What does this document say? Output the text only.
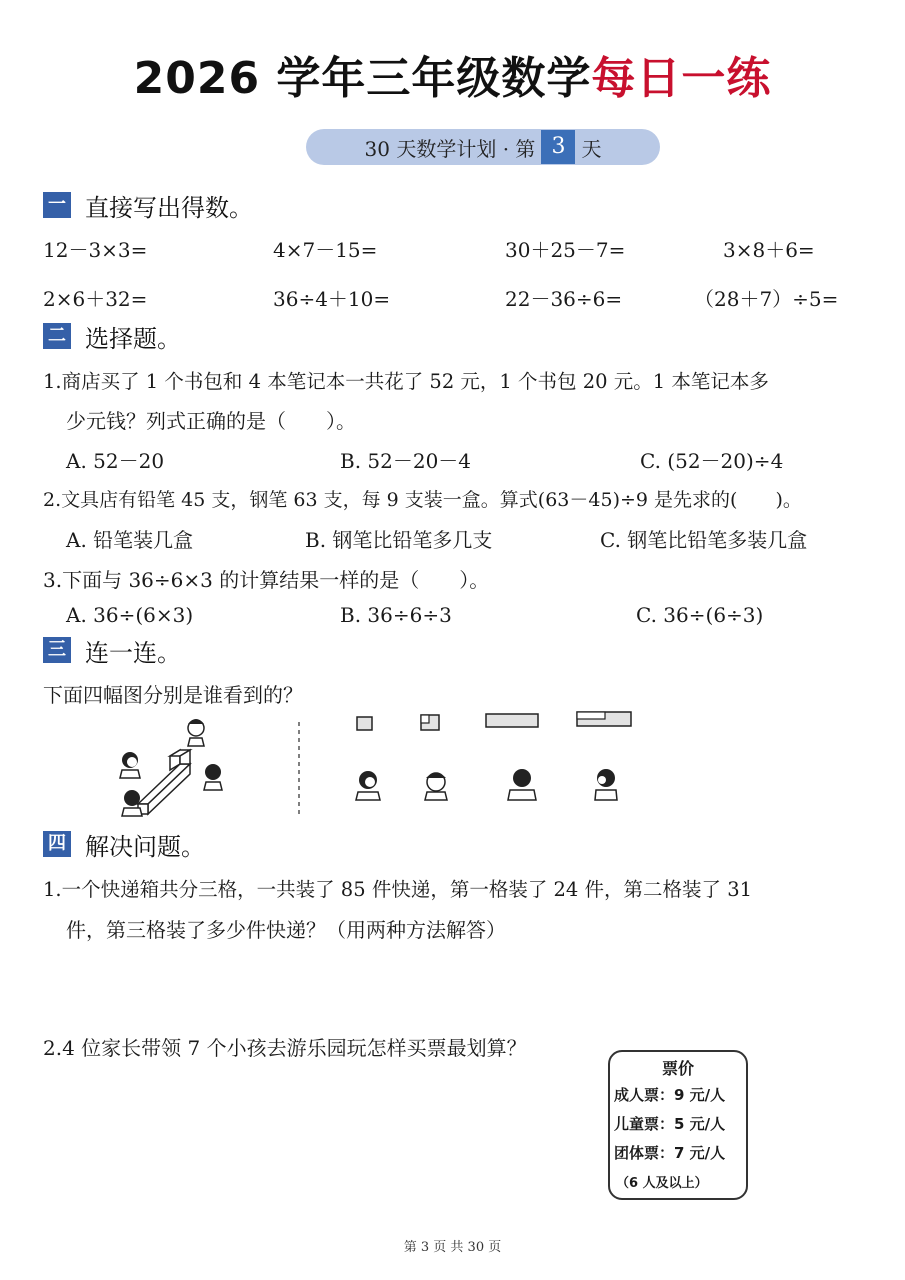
2026 学年三年级数学每日一练
30 天数学计划 · 第 3 天
一 直接写出得数。
12－3×3=	4×7－15=	30＋25－7=	3×8＋6=
2×6＋32=	36÷4＋10=	22－36÷6=	（28＋7）÷5=
二 选择题。
1.商店买了 1 个书包和 4 本笔记本一共花了 52 元，1 个书包 20 元。1 本笔记本多
少元钱？列式正确的是（　　）。
A. 52－20	B. 52－20－4	C. (52－20)÷4
2.文具店有铅笔 45 支，钢笔 63 支，每 9 支装一盒。算式(63－45)÷9 是先求的(　　)。
A. 铅笔装几盒	B. 钢笔比铅笔多几支	C. 钢笔比铅笔多装几盒
3.下面与 36÷6×3 的计算结果一样的是（　　）。
A. 36÷(6×3)	B. 36÷6÷3	C. 36÷(6÷3)
三 连一连。
下面四幅图分别是谁看到的？
四 解决问题。
1.一个快递箱共分三格，一共装了 85 件快递，第一格装了 24 件，第二格装了 31
件，第三格装了多少件快递？（用两种方法解答）
2.4 位家长带领 7 个小孩去游乐园玩怎样买票最划算？
票价
成人票：9 元/人
儿童票：5 元/人
团体票：7 元/人
（6 人及以上）
第 3 页 共 30 页
